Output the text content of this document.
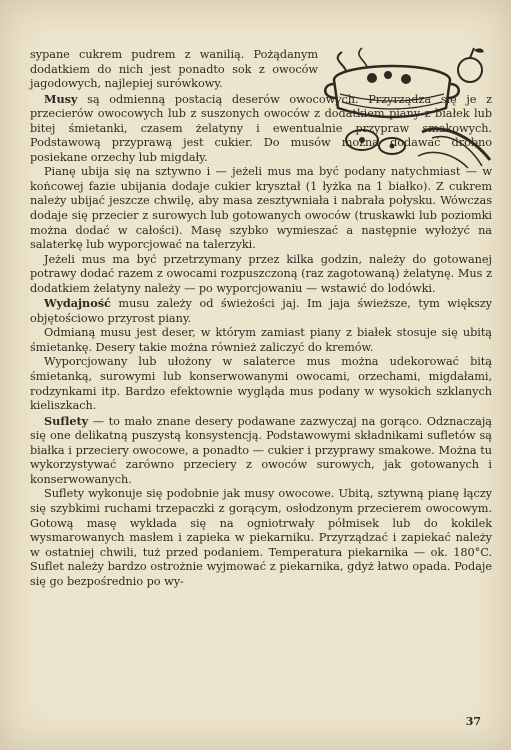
sypane cukrem pudrem z wanilią. Pożądanym dodatkiem do nich jest ponadto sok z owoców jagodowych, najlepiej surówkowy.

Musy są odmienną postacią deserów owocowych. Przyrządza się je z przecierów owocowych lub z suszonych owoców z dodatkiem piany z białek lub bitej śmietanki, czasem żelatyny i ewentualnie przypraw smakowych. Podstawową przyprawą jest cukier. Do musów można dodawać drobno posiekane orzechy lub migdały.

Pianę ubija się na sztywno i — jeżeli mus ma być podany natychmiast — w końcowej fazie ubijania dodaje cukier kryształ (1 łyżka na 1 białko). Z cukrem należy ubijać jeszcze chwilę, aby masa zesztywniała i nabrała połysku. Wówczas dodaje się przecier z surowych lub gotowanych owoców (truskawki lub poziomki można dodać w całości). Masę szybko wymieszać a następnie wyłożyć na salaterkę lub wyporcjować na talerzyki.

Jeżeli mus ma być przetrzymany przez kilka godzin, należy do gotowanej potrawy dodać razem z owocami rozpuszczoną (raz zagotowaną) żelatynę. Mus z dodatkiem żelatyny należy — po wyporcjowaniu — wstawić do lodówki.

Wydajność musu zależy od świeżości jaj. Im jaja świeższe, tym większy objętościowo przyrost piany.

Odmianą musu jest deser, w którym zamiast piany z białek stosuje się ubitą śmietankę. Desery takie można również zaliczyć do kremów.

Wyporcjowany lub ułożony w salaterce mus można udekorować bitą śmietanką, surowymi lub konserwowanymi owocami, orzechami, migdałami, rodzynkami itp. Bardzo efektownie wygląda mus podany w wysokich szklanych kieliszkach.

Suflety — to mało znane desery podawane zazwyczaj na gorąco. Odznaczają się one delikatną puszystą konsystencją. Podstawowymi składnikami sufletów są białka i przeciery owocowe, a ponadto — cukier i przyprawy smakowe. Można tu wykorzystywać zarówno przeciery z owoców surowych, jak gotowanych i konserwowanych.

Suflety wykonuje się podobnie jak musy owocowe. Ubitą, sztywną pianę łączy się szybkimi ruchami trzepaczki z gorącym, osłodzonym przecierem owocowym. Gotową masę wykłada się na ogniotrwały półmisek lub do kokilek wysmarowanych masłem i zapieka w piekarniku. Przyrządzać i zapiekać należy w ostatniej chwili, tuż przed podaniem. Temperatura piekarnika — ok. 180°C. Suflet należy bardzo ostrożnie wyjmować z piekarnika, gdyż łatwo opada. Podaje się go bezpośrednio po wy-

37
